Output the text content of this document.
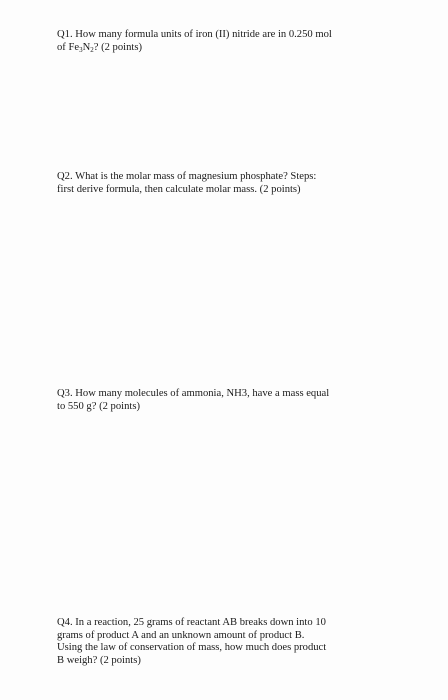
Q1. How many formula units of iron (II) nitride are in 0.250 mol
of $Fe_3N_2$? (2 points)

Q2. What is the molar mass of magnesium phosphate? Steps:
first derive formula, then calculate molar mass. (2 points)

Q3. How many molecules of ammonia, NH3, have a mass equal
to 550 g? (2 points)

Q4. In a reaction, 25 grams of reactant AB breaks down into 10
grams of product A and an unknown amount of product B.
Using the law of conservation of mass, how much does product
B weigh? (2 points)
